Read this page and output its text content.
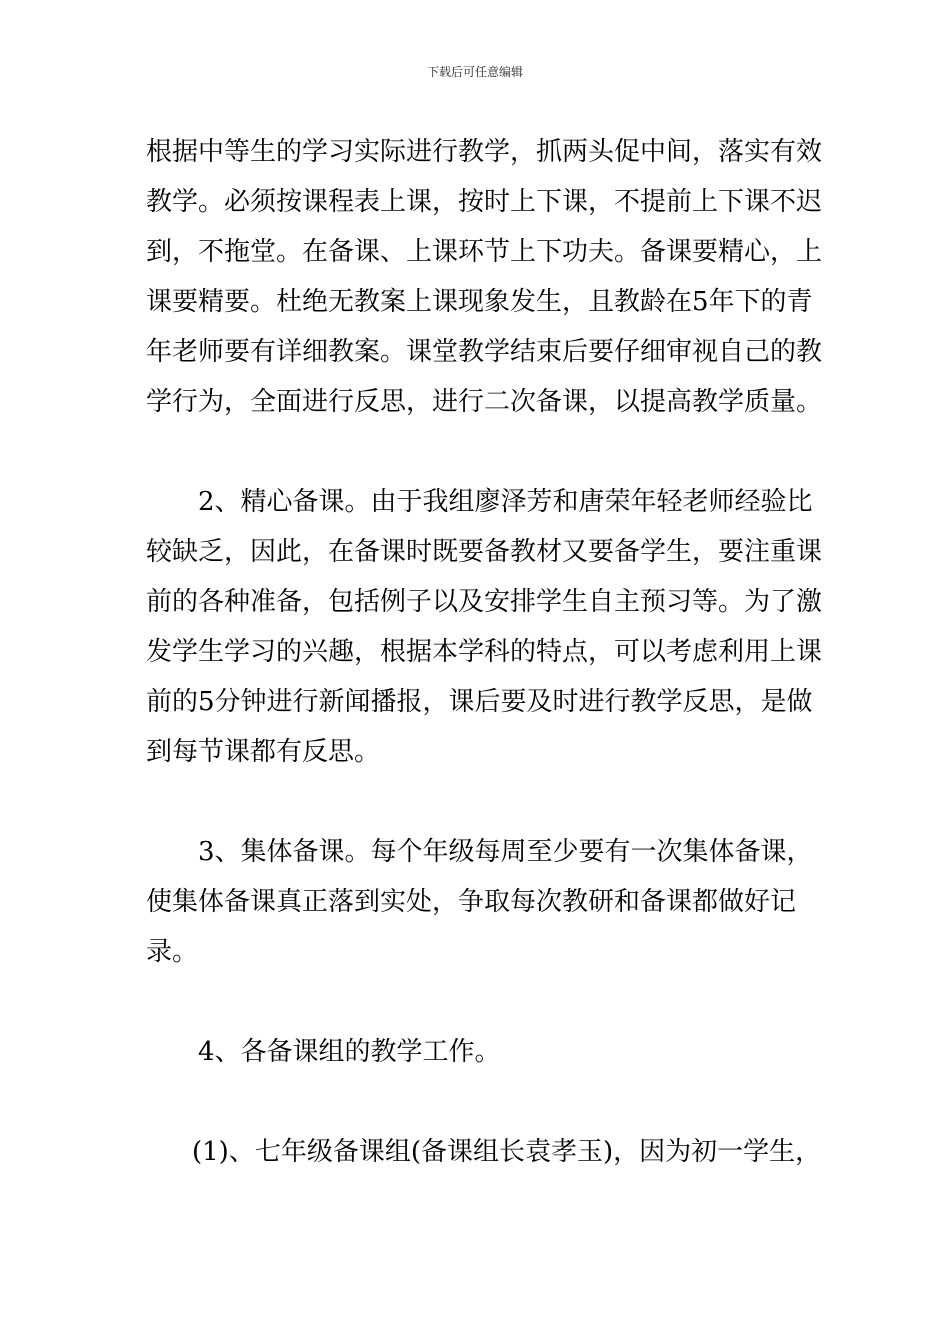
下载后可任意编辑

根据中等生的学习实际进行教学，抓两头促中间，落实有效教学。必须按课程表上课，按时上下课，不提前上下课不迟到，不拖堂。在备课、上课环节上下功夫。备课要精心，上课要精要。杜绝无教案上课现象发生，且教龄在5年下的青年老师要有详细教案。课堂教学结束后要仔细审视自己的教学行为，全面进行反思，进行二次备课，以提高教学质量。

2、精心备课。由于我组廖泽芳和唐荣年轻老师经验比较缺乏，因此，在备课时既要备教材又要备学生，要注重课前的各种准备，包括例子以及安排学生自主预习等。为了激发学生学习的兴趣，根据本学科的特点，可以考虑利用上课前的5分钟进行新闻播报，课后要及时进行教学反思，是做到每节课都有反思。

3、集体备课。每个年级每周至少要有一次集体备课，使集体备课真正落到实处，争取每次教研和备课都做好记录。

4、各备课组的教学工作。

(1)、七年级备课组(备课组长袁孝玉)，因为初一学生，
